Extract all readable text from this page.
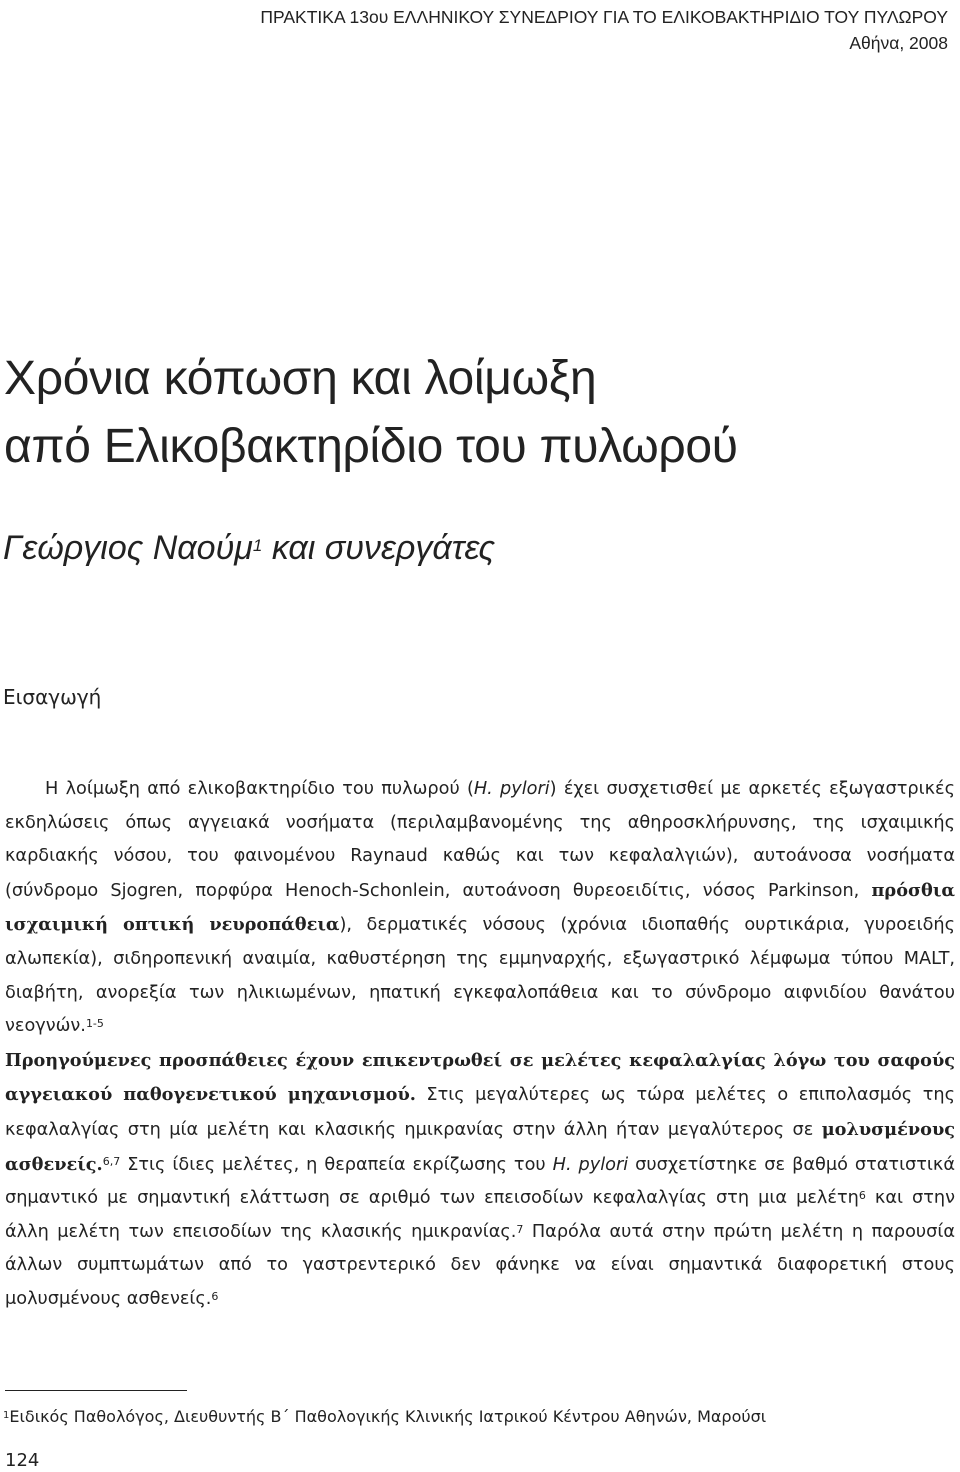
ΠΡΑΚΤΙΚΑ 13ου ΕΛΛΗΝΙΚΟΥ ΣΥΝΕΔΡΙΟΥ ΓΙΑ ΤΟ ΕΛΙΚΟΒΑΚΤΗΡΙΔΙΟ ΤΟΥ ΠΥΛΩΡΟΥ
Αθήνα, 2008
Χρόνια κόπωση και λοίμωξη
από Ελικοβακτηρίδιο του πυλωρού

Γεώργιος Ναούμ$^1$ και συνεργάτες

Εισαγωγή

Η λοίμωξη από ελικοβακτηρίδιο του πυλωρού (H. pylori) έχει συσχετισθεί με αρκετές εξωγαστρικές εκδηλώσεις όπως αγγειακά νοσήματα (περιλαμβανομένης της αθηροσκλήρυνσης, της ισχαιμικής καρδιακής νόσου, του φαινομένου Raynaud καθώς και των κεφαλαλγιών), αυτοάνοσα νοσήματα (σύνδρομο Sjogren, πορφύρα Henoch-Schonlein, αυτοάνοση θυρεοειδίτις, νόσος Parkinson, πρόσθια ισχαιμική οπτική νευροπάθεια), δερματικές νόσους (χρόνια ιδιοπαθής ουρτικάρια, γυροειδής αλωπεκία), σιδηροπενική αναιμία, καθυστέρηση της εμμηναρχής, εξωγαστρικό λέμφωμα τύπου MALT, διαβήτη, ανορεξία των ηλικιωμένων, ηπατική εγκεφαλοπάθεια και το σύνδρομο αιφνιδίου θανάτου νεογνών.$^{1-5}$

Προηγούμενες προσπάθειες έχουν επικεντρωθεί σε μελέτες κεφαλαλγίας λόγω του σαφούς αγγειακού παθογενετικού μηχανισμού. Στις μεγαλύτερες ως τώρα μελέτες ο επιπολασμός της κεφαλαλγίας στη μία μελέτη και κλασικής ημικρανίας στην άλλη ήταν μεγαλύτερος σε μολυσμένους ασθενείς.$^{6,7}$ Στις ίδιες μελέτες, η θεραπεία εκρίζωσης του H. pylori συσχετίστηκε σε βαθμό στατιστικά σημαντικό με σημαντική ελάττωση σε αριθμό των επεισοδίων κεφαλαλγίας στη μια μελέτη$^6$ και στην άλλη μελέτη των επεισοδίων της κλασικής ημικρανίας.$^7$ Παρόλα αυτά στην πρώτη μελέτη η παρουσία άλλων συμπτωμάτων από το γαστρεντερικό δεν φάνηκε να είναι σημαντικά διαφορετική στους μολυσμένους ασθενείς.$^6$

$^1$Ειδικός Παθολόγος, Διευθυντής Β΄ Παθολογικής Κλινικής Ιατρικού Κέντρου Αθηνών, Μαρούσι
124
